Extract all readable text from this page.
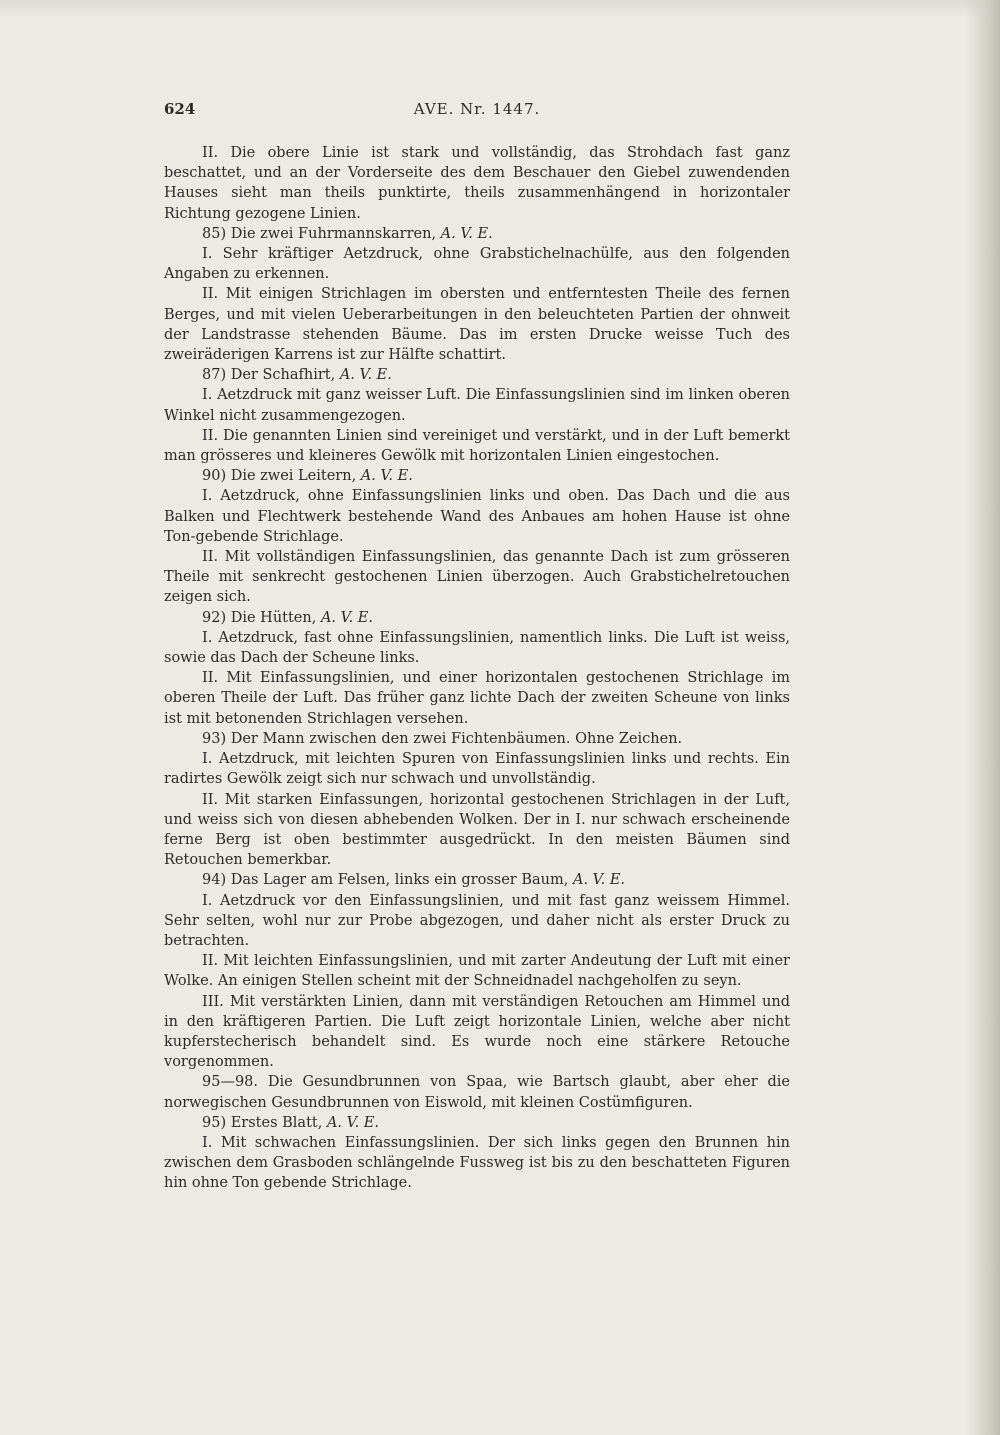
624	AVE. Nr. 1447.

II. Die obere Linie ist stark und vollständig, das Strohdach fast ganz beschattet, und an der Vorderseite des dem Beschauer den Giebel zuwendenden Hauses sieht man theils punktirte, theils zusammenhängend in horizontaler Richtung gezogene Linien.

85) Die zwei Fuhrmannskarren, A. V. E.

I. Sehr kräftiger Aetzdruck, ohne Grabstichelnachülfe, aus den folgenden Angaben zu erkennen.

II. Mit einigen Strichlagen im obersten und entferntesten Theile des fernen Berges, und mit vielen Ueberarbeitungen in den beleuchteten Partien der ohnweit der Landstrasse stehenden Bäume. Das im ersten Drucke weisse Tuch des zweiräderigen Karrens ist zur Hälfte schattirt.

87) Der Schafhirt, A. V. E.

I. Aetzdruck mit ganz weisser Luft. Die Einfassungslinien sind im linken oberen Winkel nicht zusammengezogen.

II. Die genannten Linien sind vereiniget und verstärkt, und in der Luft bemerkt man grösseres und kleineres Gewölk mit horizontalen Linien eingestochen.

90) Die zwei Leitern, A. V. E.

I. Aetzdruck, ohne Einfassungslinien links und oben. Das Dach und die aus Balken und Flechtwerk bestehende Wand des Anbaues am hohen Hause ist ohne Ton-gebende Strichlage.

II. Mit vollständigen Einfassungslinien, das genannte Dach ist zum grösseren Theile mit senkrecht gestochenen Linien überzogen. Auch Grabstichelretouchen zeigen sich.

92) Die Hütten, A. V. E.

I. Aetzdruck, fast ohne Einfassungslinien, namentlich links. Die Luft ist weiss, sowie das Dach der Scheune links.

II. Mit Einfassungslinien, und einer horizontalen gestochenen Strichlage im oberen Theile der Luft. Das früher ganz lichte Dach der zweiten Scheune von links ist mit betonenden Strichlagen versehen.

93) Der Mann zwischen den zwei Fichtenbäumen. Ohne Zeichen.

I. Aetzdruck, mit leichten Spuren von Einfassungslinien links und rechts. Ein radirtes Gewölk zeigt sich nur schwach und unvollständig.

II. Mit starken Einfassungen, horizontal gestochenen Strichlagen in der Luft, und weiss sich von diesen abhebenden Wolken. Der in I. nur schwach erscheinende ferne Berg ist oben bestimmter ausgedrückt. In den meisten Bäumen sind Retouchen bemerkbar.

94) Das Lager am Felsen, links ein grosser Baum, A. V. E.

I. Aetzdruck vor den Einfassungslinien, und mit fast ganz weissem Himmel. Sehr selten, wohl nur zur Probe abgezogen, und daher nicht als erster Druck zu betrachten.

II. Mit leichten Einfassungslinien, und mit zarter Andeutung der Luft mit einer Wolke. An einigen Stellen scheint mit der Schneidnadel nachgeholfen zu seyn.

III. Mit verstärkten Linien, dann mit verständigen Retouchen am Himmel und in den kräftigeren Partien. Die Luft zeigt horizontale Linien, welche aber nicht kupferstecherisch behandelt sind. Es wurde noch eine stärkere Retouche vorgenommen.

95—98. Die Gesundbrunnen von Spaa, wie Bartsch glaubt, aber eher die norwegischen Gesundbrunnen von Eiswold, mit kleinen Costümfiguren.

95) Erstes Blatt, A. V. E.

I. Mit schwachen Einfassungslinien. Der sich links gegen den Brunnen hin zwischen dem Grasboden schlängelnde Fussweg ist bis zu den beschatteten Figuren hin ohne Ton gebende Strichlage.
